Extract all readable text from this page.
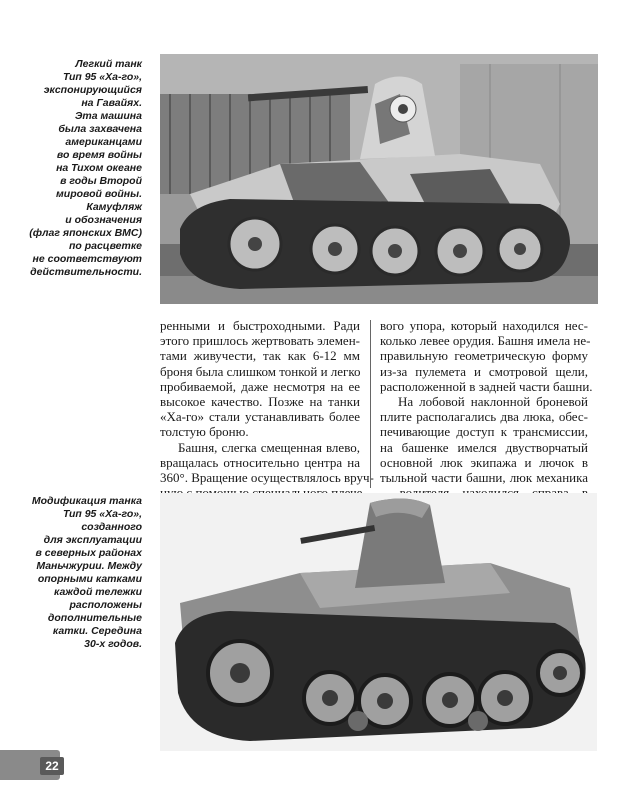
Легкий танк
Тип 95 «Ха-го»,
экспонирующийся
на Гавайях.
Эта машина
была захвачена
американцами
во время войны
на Тихом океане
в годы Второй
мировой войны.
Камуфляж
и обозначения
(флаг японских ВМС)
по расцветке
не соответствуют
действительности.
ренными и быстроходными. Ради
этого пришлось жертвовать элемен-
тами живучести, так как 6-12 мм
броня была слишком тонкой и легко
пробиваемой, даже несмотря на ее
высокое качество. Позже на танки
«Ха-го» стали устанавливать более
толстую броню.
Башня, слегка смещенная влево,
вращалась относительно центра на
360°. Вращение осуществлялось вруч-
вого упора, который находился нес-
колько левее орудия. Башня имела не-
правильную геометрическую форму
из-за пулемета и смотровой щели,
расположенной в задней части башни.
На лобовой наклонной броневой
плите располагались два люка, обес-
печивающие доступ к трансмиссии,
на башенке имелся двустворчатый
основной люк экипажа и лючок в
тыльной части башни, люк механика
Модификация танка
Тип 95 «Ха-го»,
созданного
для эксплуатации
в северных районах
Маньчжурии. Между
опорными катками
каждой тележки
расположены
дополнительные
катки. Середина
30-х годов.
22
